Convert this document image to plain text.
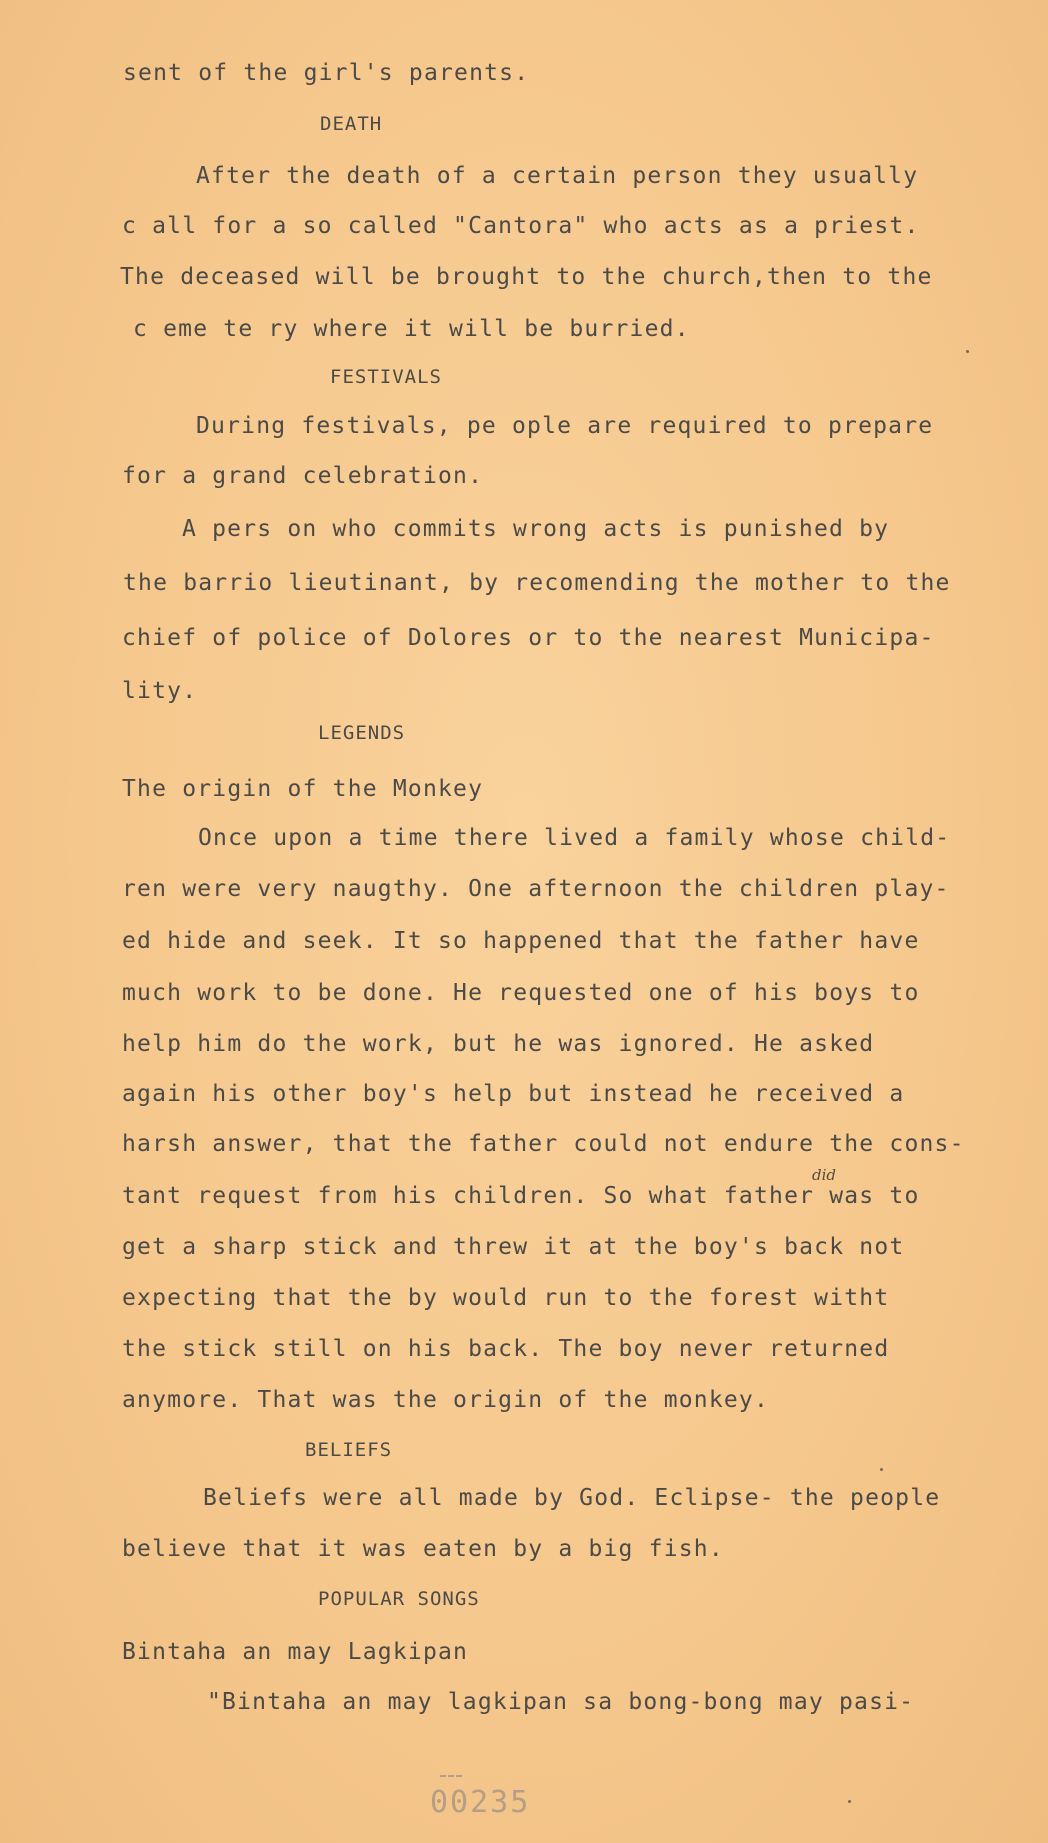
sent of the girl's parents.
DEATH
After the death of a certain person they usually
c all for a so called "Cantora" who acts as a priest.
The deceased will be brought to the church,then to the
c eme te ry where it will be burried.
FESTIVALS
During festivals, pe ople are required to prepare
for a grand celebration.
A pers on who commits wrong acts is punished by
the barrio lieutinant, by recomending the mother to the
chief of police of Dolores or to the nearest Municipa-
lity.
LEGENDS
The origin of the Monkey
Once upon a time there lived a family whose child-
ren were very naugthy. One afternoon the children play-
ed hide and seek. It so happened that the father have
much work to be done. He requested one of his boys to
help him do the work, but he was ignored. He asked
again his other boy's help but instead he received a
harsh answer, that the father could not endure the cons-
tant request from his children. So what father was to
did
get a sharp stick and threw it at the boy's back not
expecting that the by would run to the forest witht
the stick still on his back. The boy never returned
anymore. That was the origin of the monkey.
BELIEFS
Beliefs were all made by God. Eclipse- the people
believe that it was eaten by a big fish.
POPULAR SONGS
Bintaha an may Lagkipan
"Bintaha an may lagkipan sa bong-bong may pasi-
00235
